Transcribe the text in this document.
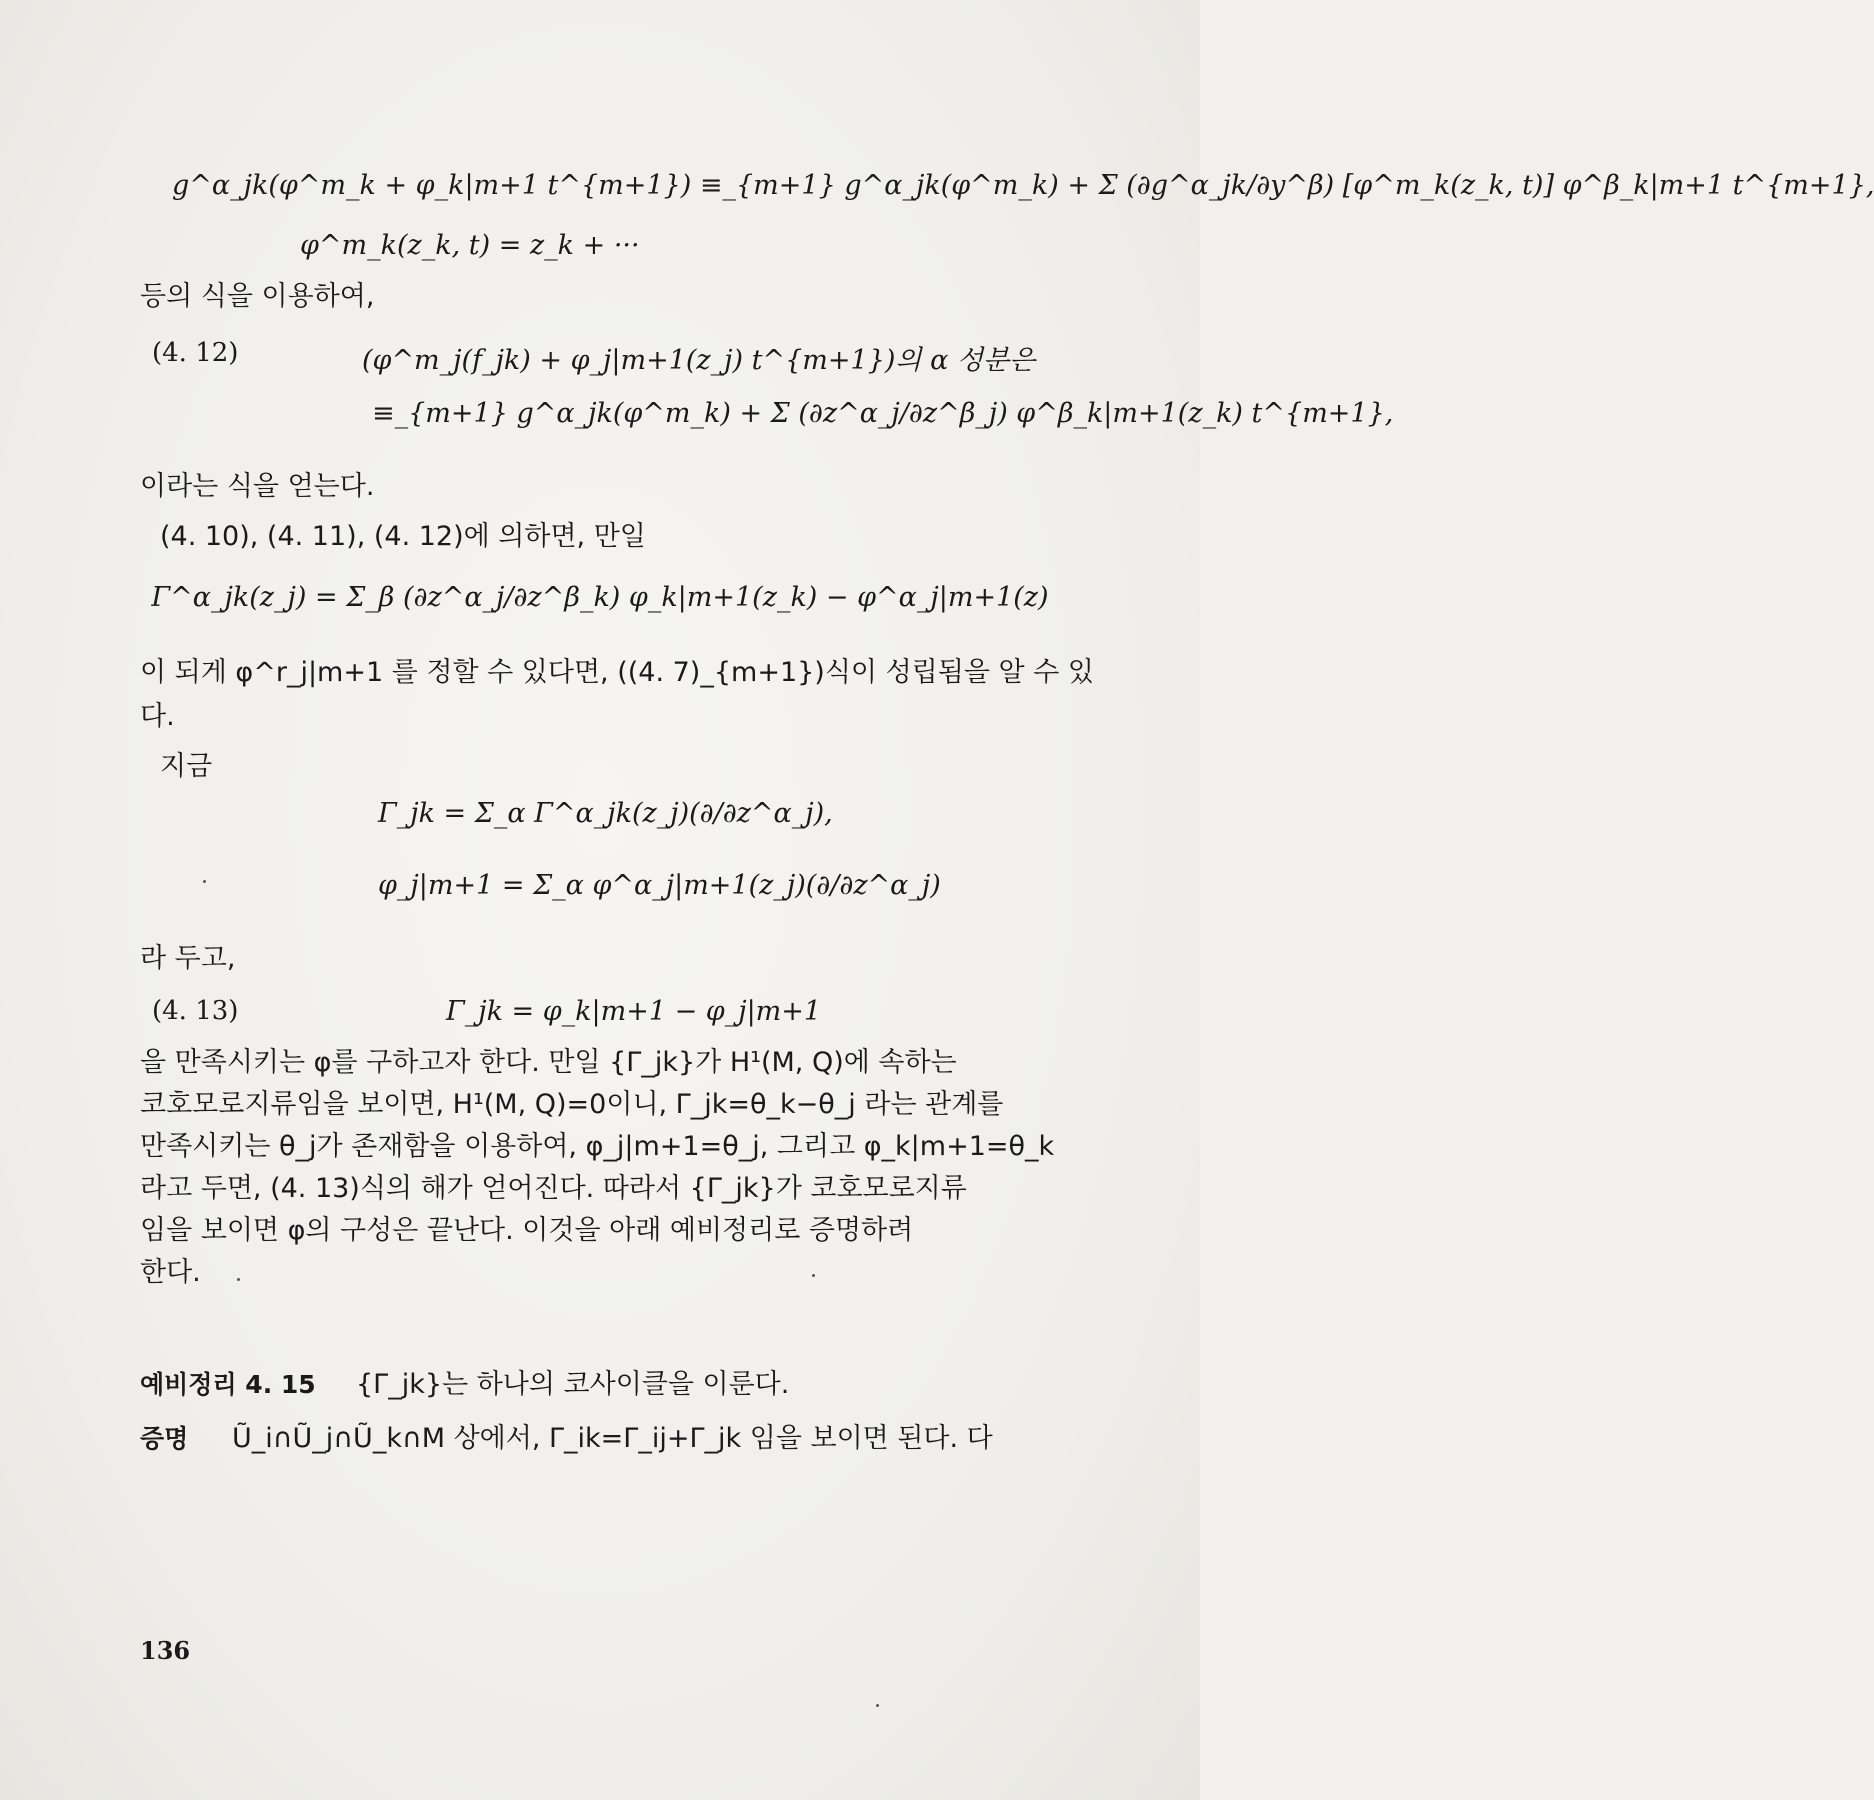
g^α_jk(φ^m_k + φ_k|m+1 t^{m+1}) ≡_{m+1} g^α_jk(φ^m_k) + Σ (∂g^α_jk/∂y^β) [φ^m_k(z_k, t)] φ^β_k|m+1 t^{m+1},
φ^m_k(z_k, t) = z_k + ···
등의 식을 이용하여,
(4. 12)	(φ^m_j(f_jk) + φ_j|m+1(z_j) t^{m+1})의 α 성분은
≡_{m+1} g^α_jk(φ^m_k) + Σ (∂z^α_j/∂z^β_j) φ^β_k|m+1(z_k) t^{m+1},
이라는 식을 얻는다.
(4. 10), (4. 11), (4. 12)에 의하면, 만일
Γ^α_jk(z_j) = Σ_β (∂z^α_j/∂z^β_k) φ_k|m+1(z_k) − φ^α_j|m+1(z)
이 되게 φ^r_j|m+1 를 정할 수 있다면, ((4. 7)_{m+1})식이 성립됨을 알 수 있
다.
지금
Γ_jk = Σ_α Γ^α_jk(z_j)(∂/∂z^α_j),
φ_j|m+1 = Σ_α φ^α_j|m+1(z_j)(∂/∂z^α_j)
라 두고,
(4. 13)	Γ_jk = φ_k|m+1 − φ_j|m+1
을 만족시키는 φ를 구하고자 한다. 만일 {Γ_jk}가 H¹(M, Q)에 속하는
코호모로지류임을 보이면, H¹(M, Q)=0이니, Γ_jk=θ_k−θ_j 라는 관계를
만족시키는 θ_j가 존재함을 이용하여, φ_j|m+1=θ_j, 그리고 φ_k|m+1=θ_k
라고 두면, (4. 13)식의 해가 얻어진다. 따라서 {Γ_jk}가 코호모로지류
임을 보이면 φ의 구성은 끝난다. 이것을 아래 예비정리로 증명하려
한다.
예비정리 4. 15 {Γ_jk}는 하나의 코사이클을 이룬다.
증명 Ũ_i∩Ũ_j∩Ũ_k∩M 상에서, Γ_ik=Γ_ij+Γ_jk 임을 보이면 된다. 다
136
